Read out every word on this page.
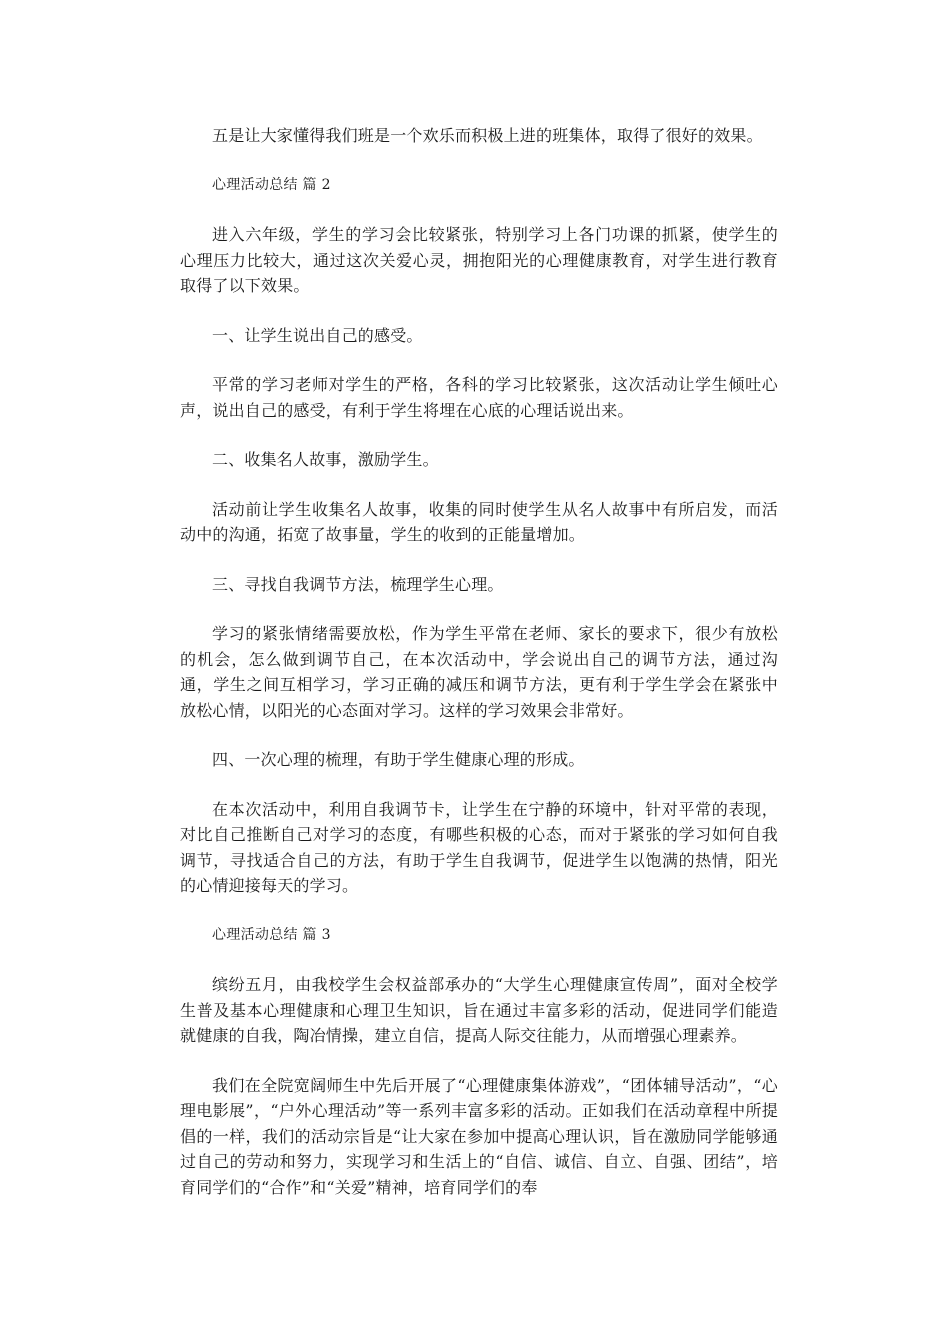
五是让大家懂得我们班是一个欢乐而积极上进的班集体，取得了很好的效果。

心理活动总结 篇 2

进入六年级，学生的学习会比较紧张，特别学习上各门功课的抓紧，使学生的心理压力比较大，通过这次关爱心灵，拥抱阳光的心理健康教育，对学生进行教育取得了以下效果。

一、让学生说出自己的感受。

平常的学习老师对学生的严格，各科的学习比较紧张，这次活动让学生倾吐心声，说出自己的感受，有利于学生将埋在心底的心理话说出来。

二、收集名人故事，激励学生。

活动前让学生收集名人故事，收集的同时使学生从名人故事中有所启发，而活动中的沟通，拓宽了故事量，学生的收到的正能量增加。

三、寻找自我调节方法，梳理学生心理。

学习的紧张情绪需要放松，作为学生平常在老师、家长的要求下，很少有放松的机会，怎么做到调节自己，在本次活动中，学会说出自己的调节方法，通过沟通，学生之间互相学习，学习正确的减压和调节方法，更有利于学生学会在紧张中放松心情，以阳光的心态面对学习。这样的学习效果会非常好。

四、一次心理的梳理，有助于学生健康心理的形成。

在本次活动中，利用自我调节卡，让学生在宁静的环境中，针对平常的表现，对比自己推断自己对学习的态度，有哪些积极的心态，而对于紧张的学习如何自我调节，寻找适合自己的方法，有助于学生自我调节，促进学生以饱满的热情，阳光的心情迎接每天的学习。

心理活动总结 篇 3

缤纷五月，由我校学生会权益部承办的“大学生心理健康宣传周”，面对全校学生普及基本心理健康和心理卫生知识，旨在通过丰富多彩的活动，促进同学们能造就健康的自我，陶冶情操，建立自信，提高人际交往能力，从而增强心理素养。

我们在全院宽阔师生中先后开展了“心理健康集体游戏”，“团体辅导活动”，“心理电影展”，“户外心理活动”等一系列丰富多彩的活动。正如我们在活动章程中所提倡的一样，我们的活动宗旨是“让大家在参加中提高心理认识，旨在激励同学能够通过自己的劳动和努力，实现学习和生活上的“自信、诚信、自立、自强、团结”，培育同学们的“合作”和“关爱”精神，培育同学们的奉
